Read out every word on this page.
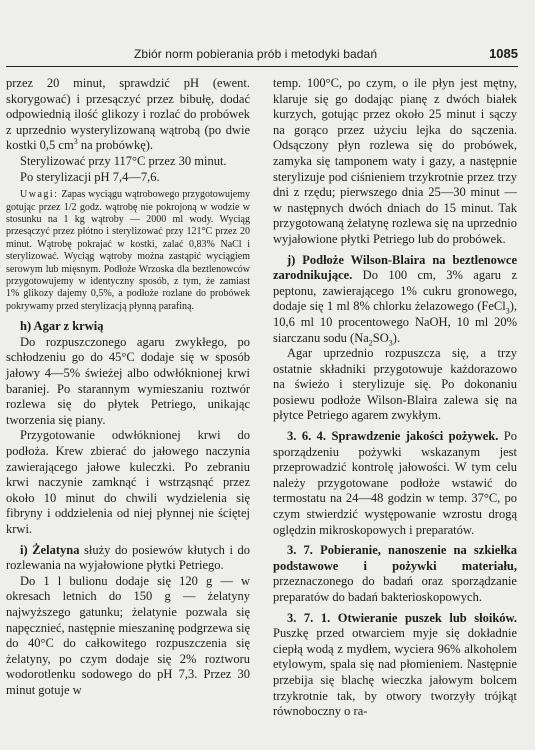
Zbiór norm pobierania prób i metodyki badań	1085

przez 20 minut, sprawdzić pH (ewent. skorygować) i przesączyć przez bibułę, dodać odpowiednią ilość glikozy i rozlać do probówek z uprzednio wysterylizowaną wątrobą (po dwie kostki 0,5 $cm^3$ na probówkę).

Sterylizować przy 117°C przez 30 minut.

Po sterylizacji pH 7,4—7,6.

Uwagi: Zapas wyciągu wątrobowego przygotowujemy gotując przez 1/2 godz. wątrobę nie pokrojoną w wodzie w stosunku na 1 kg wątroby — 2000 ml wody. Wyciąg przesączyć przez płótno i sterylizować przy 121°C przez 20 minut. Wątrobę pokrajać w kostki, zalać 0,83% NaCl i sterylizować. Wyciąg wątroby można zastąpić wyciągiem serowym lub mięsnym. Podłoże Wrzoska dla beztlenowców przygotowujemy w identyczny sposób, z tym, że zamiast 1% glikozy dajemy 0,5%, a podłoże rozlane do probówek pokrywamy przed sterylizacją płynną parafiną.

h) Agar z krwią

Do rozpuszczonego agaru zwykłego, po schłodzeniu go do 45°C dodaje się w sposób jałowy 4—5% świeżej albo odwłóknionej krwi baraniej. Po starannym wymieszaniu roztwór rozlewa się do płytek Petriego, unikając tworzenia się piany.

Przygotowanie odwłóknionej krwi do podłoża. Krew zbierać do jałowego naczynia zawierającego jałowe kuleczki. Po zebraniu krwi naczynie zamknąć i wstrząsnąć przez około 10 minut do chwili wydzielenia się fibryny i oddzielenia od niej płynnej nie ściętej krwi.

i) Żelatyna służy do posiewów kłutych i do rozlewania na wyjałowione płytki Petriego.

Do 1 l bulionu dodaje się 120 g — w okresach letnich do 150 g — żelatyny najwyższego gatunku; żelatynie pozwala się napęcznieć, następnie mieszaninę podgrzewa się do 40°C do całkowitego rozpuszczenia się żelatyny, po czym dodaje się 2% roztworu wodorotlenku sodowego do pH 7,3. Przez 30 minut gotuje w

temp. 100°C, po czym, o ile płyn jest mętny, klaruje się go dodając pianę z dwóch białek kurzych, gotując przez około 25 minut i sączy na gorąco przez użyciu lejka do sączenia. Odsączony płyn rozlewa się do probówek, zamyka się tamponem waty i gazy, a następnie sterylizuje pod ciśnieniem trzykrotnie przez trzy dni z rzędu; pierwszego dnia 25—30 minut — w następnych dwóch dniach do 15 minut. Tak przygotowaną żelatynę rozlewa się na uprzednio wyjałowione płytki Petriego lub do probówek.

j) Podłoże Wilson-Blaira na beztlenowce zarodnikujące. Do 100 cm, 3% agaru z peptonu, zawierającego 1% cukru gronowego, dodaje się 1 ml 8% chlorku żelazowego (FeCl$_3$), 10,6 ml 10 procentowego NaOH, 10 ml 20% siarczanu sodu $(Na_2SO_3)$.

Agar uprzednio rozpuszcza się, a trzy ostatnie składniki przygotowuje każdorazowo na świeżo i sterylizuje się. Po dokonaniu posiewu podłoże Wilson-Blaira zalewa się na płytce Petriego agarem zwykłym.

3. 6. 4. Sprawdzenie jakości pożywek. Po sporządzeniu pożywki wskazanym jest przeprowadzić kontrolę jałowości. W tym celu należy przygotowane podłoże wstawić do termostatu na 24—48 godzin w temp. 37°C, po czym stwierdzić występowanie wzrostu drogą oględzin mikroskopowych i preparatów.

3. 7. Pobieranie, nanoszenie na szkiełka podstawowe i pożywki materiału, przeznaczonego do badań oraz sporządzanie preparatów do badań bakterioskopowych.

3. 7. 1. Otwieranie puszek lub słoików. Puszkę przed otwarciem myje się dokładnie ciepłą wodą z mydłem, wyciera 96% alkoholem etylowym, spala się nad płomieniem. Następnie przebija się blachę wieczka jałowym bolcem trzykrotnie tak, by otwory tworzyły trójkąt równoboczny o ra-
